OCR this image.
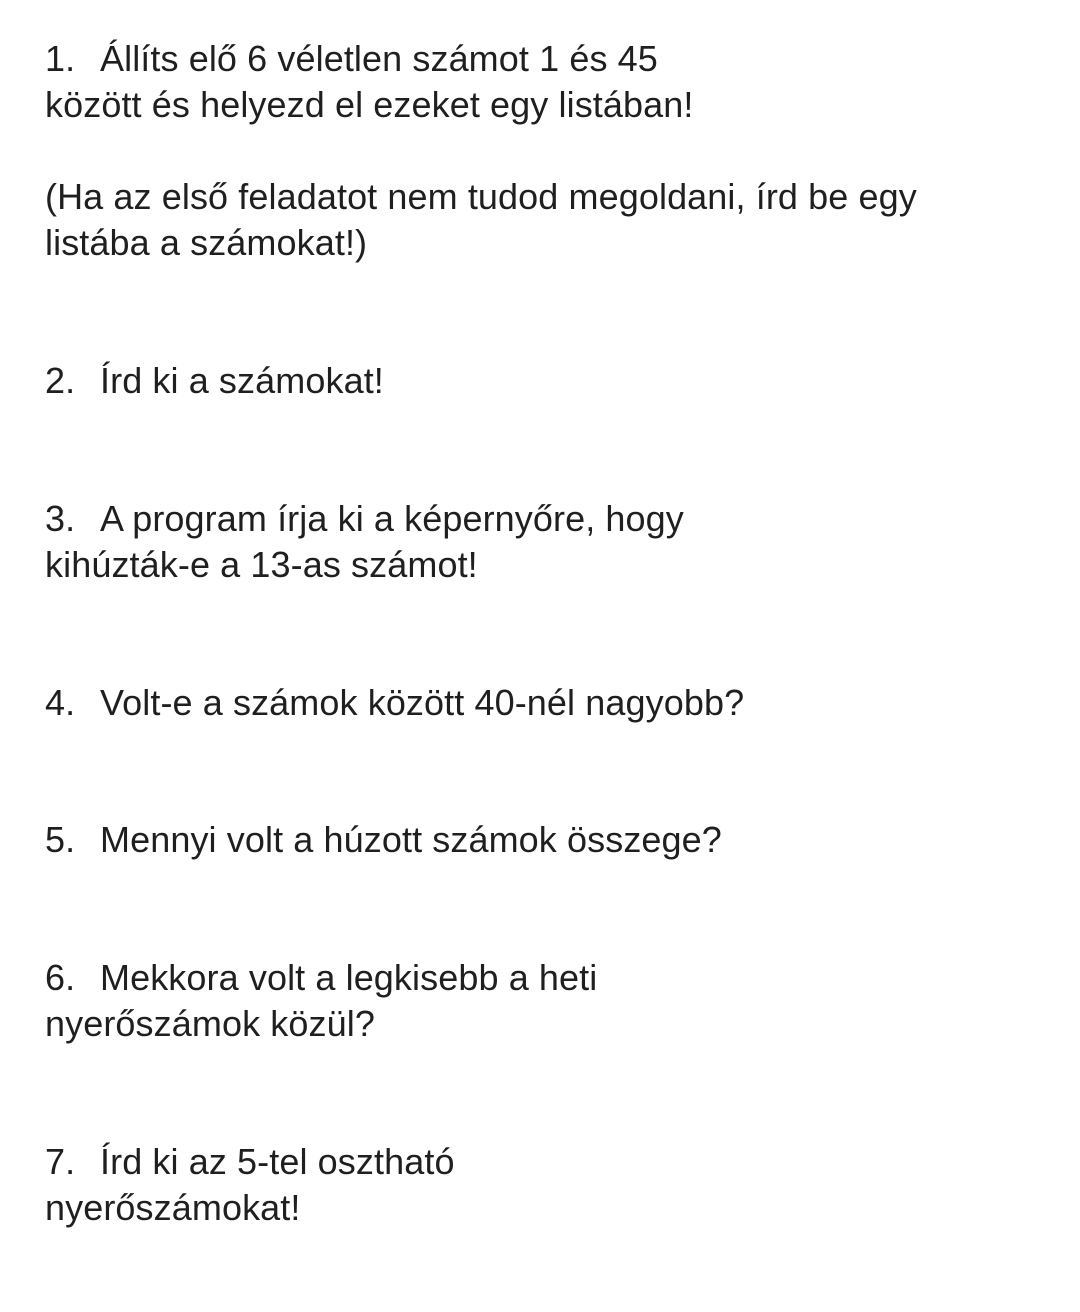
1. Állíts elő 6 véletlen számot 1 és 45
között és helyezd el ezeket egy listában!
(Ha az első feladatot nem tudod megoldani, írd be egy
listába a számokat!)
2. Írd ki a számokat!
3. A program írja ki a képernyőre, hogy
kihúzták-e a 13-as számot!
4. Volt-e a számok között 40-nél nagyobb?
5. Mennyi volt a húzott számok összege?
6. Mekkora volt a legkisebb a heti
nyerőszámok közül?
7. Írd ki az 5-tel osztható
nyerőszámokat!
